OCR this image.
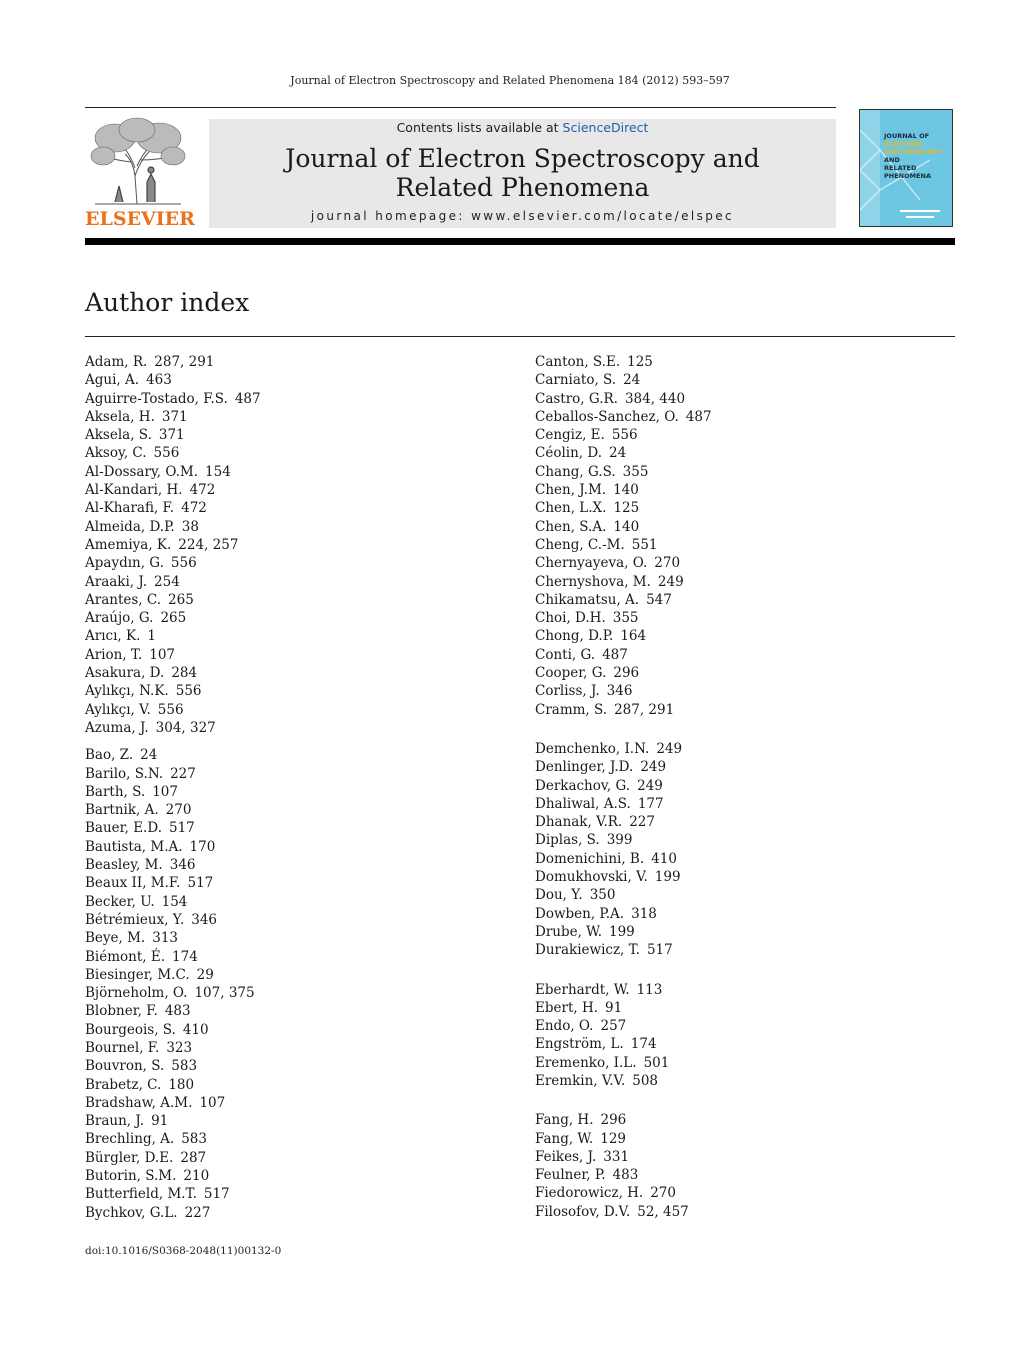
Journal of Electron Spectroscopy and Related Phenomena 184 (2012) 593–597
ELSEVIER
Contents lists available at ScienceDirect
Journal of Electron Spectroscopy and
Related Phenomena
journal homepage: www.elsevier.com/locate/elspec
JOURNAL OF
ELECTRON
SPECTROSCOPY
AND
RELATED PHENOMENA
Author index
Adam, R. 287, 291
Agui, A. 463
Aguirre-Tostado, F.S. 487
Aksela, H. 371
Aksela, S. 371
Aksoy, C. 556
Al-Dossary, O.M. 154
Al-Kandari, H. 472
Al-Kharafi, F. 472
Almeida, D.P. 38
Amemiya, K. 224, 257
Apaydın, G. 556
Araaki, J. 254
Arantes, C. 265
Araújo, G. 265
Arıcı, K. 1
Arion, T. 107
Asakura, D. 284
Aylıkçı, N.K. 556
Aylıkçı, V. 556
Azuma, J. 304, 327
Bao, Z. 24
Barilo, S.N. 227
Barth, S. 107
Bartnik, A. 270
Bauer, E.D. 517
Bautista, M.A. 170
Beasley, M. 346
Beaux II, M.F. 517
Becker, U. 154
Bétrémieux, Y. 346
Beye, M. 313
Biémont, É. 174
Biesinger, M.C. 29
Björneholm, O. 107, 375
Blobner, F. 483
Bourgeois, S. 410
Bournel, F. 323
Bouvron, S. 583
Brabetz, C. 180
Bradshaw, A.M. 107
Braun, J. 91
Brechling, A. 583
Bürgler, D.E. 287
Butorin, S.M. 210
Butterfield, M.T. 517
Bychkov, G.L. 227
Canton, S.E. 125
Carniato, S. 24
Castro, G.R. 384, 440
Ceballos-Sanchez, O. 487
Cengiz, E. 556
Céolin, D. 24
Chang, G.S. 355
Chen, J.M. 140
Chen, L.X. 125
Chen, S.A. 140
Cheng, C.-M. 551
Chernyayeva, O. 270
Chernyshova, M. 249
Chikamatsu, A. 547
Choi, D.H. 355
Chong, D.P. 164
Conti, G. 487
Cooper, G. 296
Corliss, J. 346
Cramm, S. 287, 291
Demchenko, I.N. 249
Denlinger, J.D. 249
Derkachov, G. 249
Dhaliwal, A.S. 177
Dhanak, V.R. 227
Diplas, S. 399
Domenichini, B. 410
Domukhovski, V. 199
Dou, Y. 350
Dowben, P.A. 318
Drube, W. 199
Durakiewicz, T. 517
Eberhardt, W. 113
Ebert, H. 91
Endo, O. 257
Engström, L. 174
Eremenko, I.L. 501
Eremkin, V.V. 508
Fang, H. 296
Fang, W. 129
Feikes, J. 331
Feulner, P. 483
Fiedorowicz, H. 270
Filosofov, D.V. 52, 457
doi:10.1016/S0368-2048(11)00132-0
